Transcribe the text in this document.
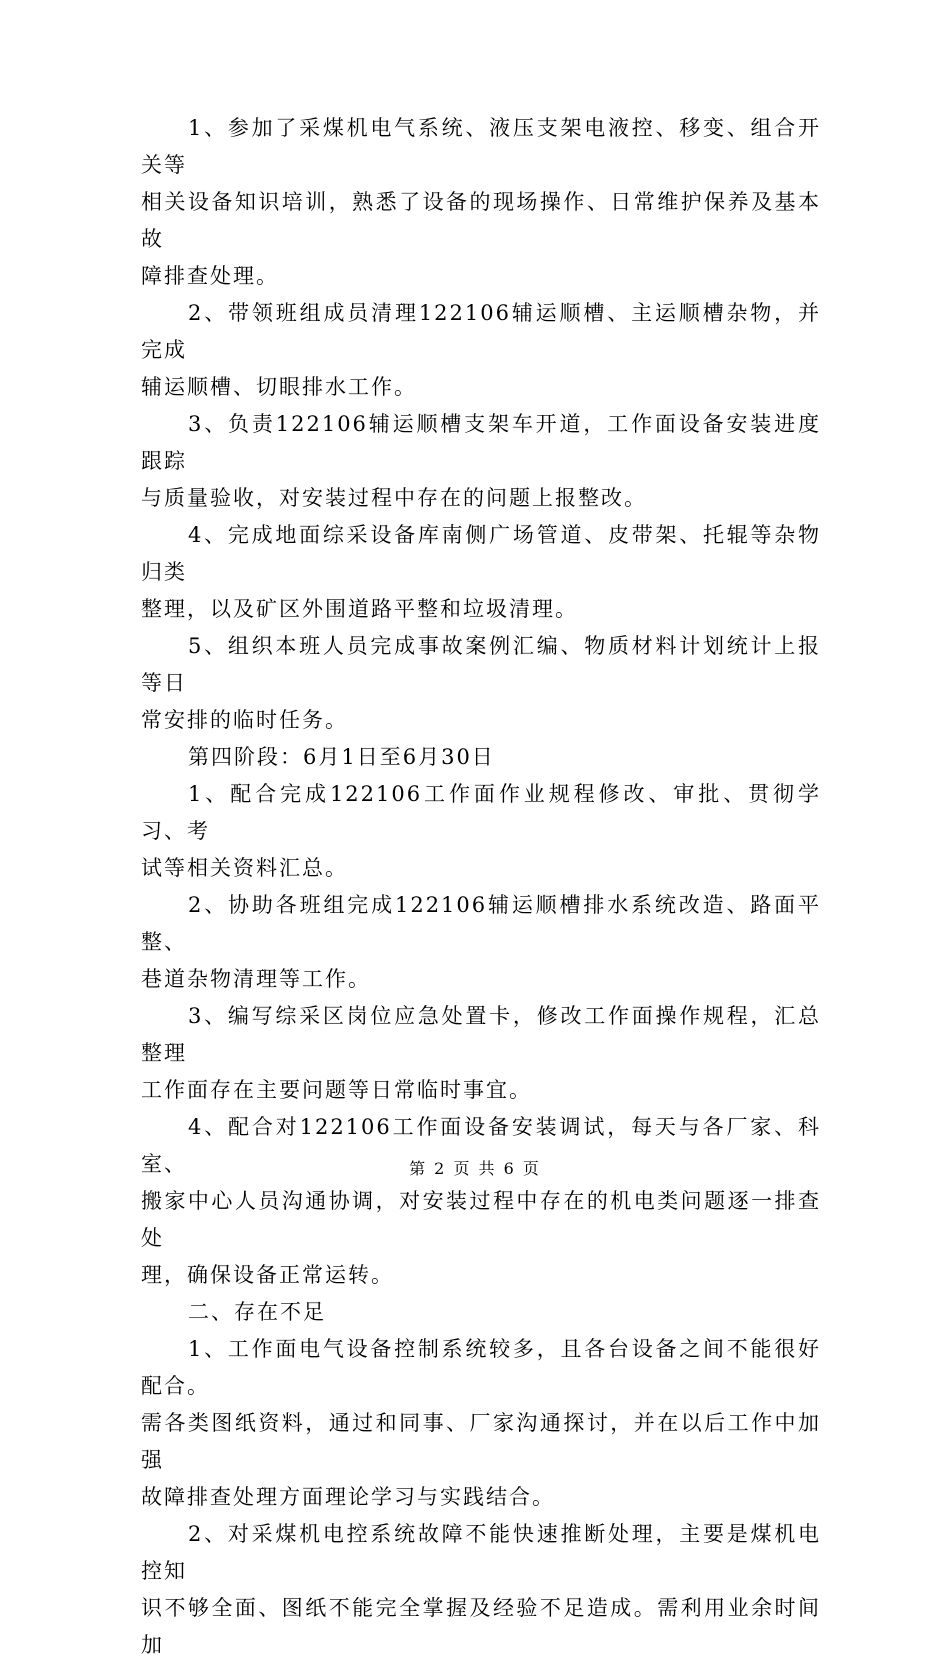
1、参加了采煤机电气系统、液压支架电液控、移变、组合开关等
相关设备知识培训，熟悉了设备的现场操作、日常维护保养及基本故
障排查处理。

2、带领班组成员清理122106辅运顺槽、主运顺槽杂物，并完成
辅运顺槽、切眼排水工作。

3、负责122106辅运顺槽支架车开道，工作面设备安装进度跟踪
与质量验收，对安装过程中存在的问题上报整改。

4、完成地面综采设备库南侧广场管道、皮带架、托辊等杂物归类
整理，以及矿区外围道路平整和垃圾清理。

5、组织本班人员完成事故案例汇编、物质材料计划统计上报等日
常安排的临时任务。

第四阶段：6月1日至6月30日

1、配合完成122106工作面作业规程修改、审批、贯彻学习、考
试等相关资料汇总。

2、协助各班组完成122106辅运顺槽排水系统改造、路面平整、
巷道杂物清理等工作。

3、编写综采区岗位应急处置卡，修改工作面操作规程，汇总整理
工作面存在主要问题等日常临时事宜。

4、配合对122106工作面设备安装调试，每天与各厂家、科室、
搬家中心人员沟通协调，对安装过程中存在的机电类问题逐一排查处
理，确保设备正常运转。

二、存在不足

1、工作面电气设备控制系统较多，且各台设备之间不能很好配合。
需各类图纸资料，通过和同事、厂家沟通探讨，并在以后工作中加强
故障排查处理方面理论学习与实践结合。

2、对采煤机电控系统故障不能快速推断处理，主要是煤机电控知
识不够全面、图纸不能完全掌握及经验不足造成。需利用业余时间加

第 2 页 共 6 页
